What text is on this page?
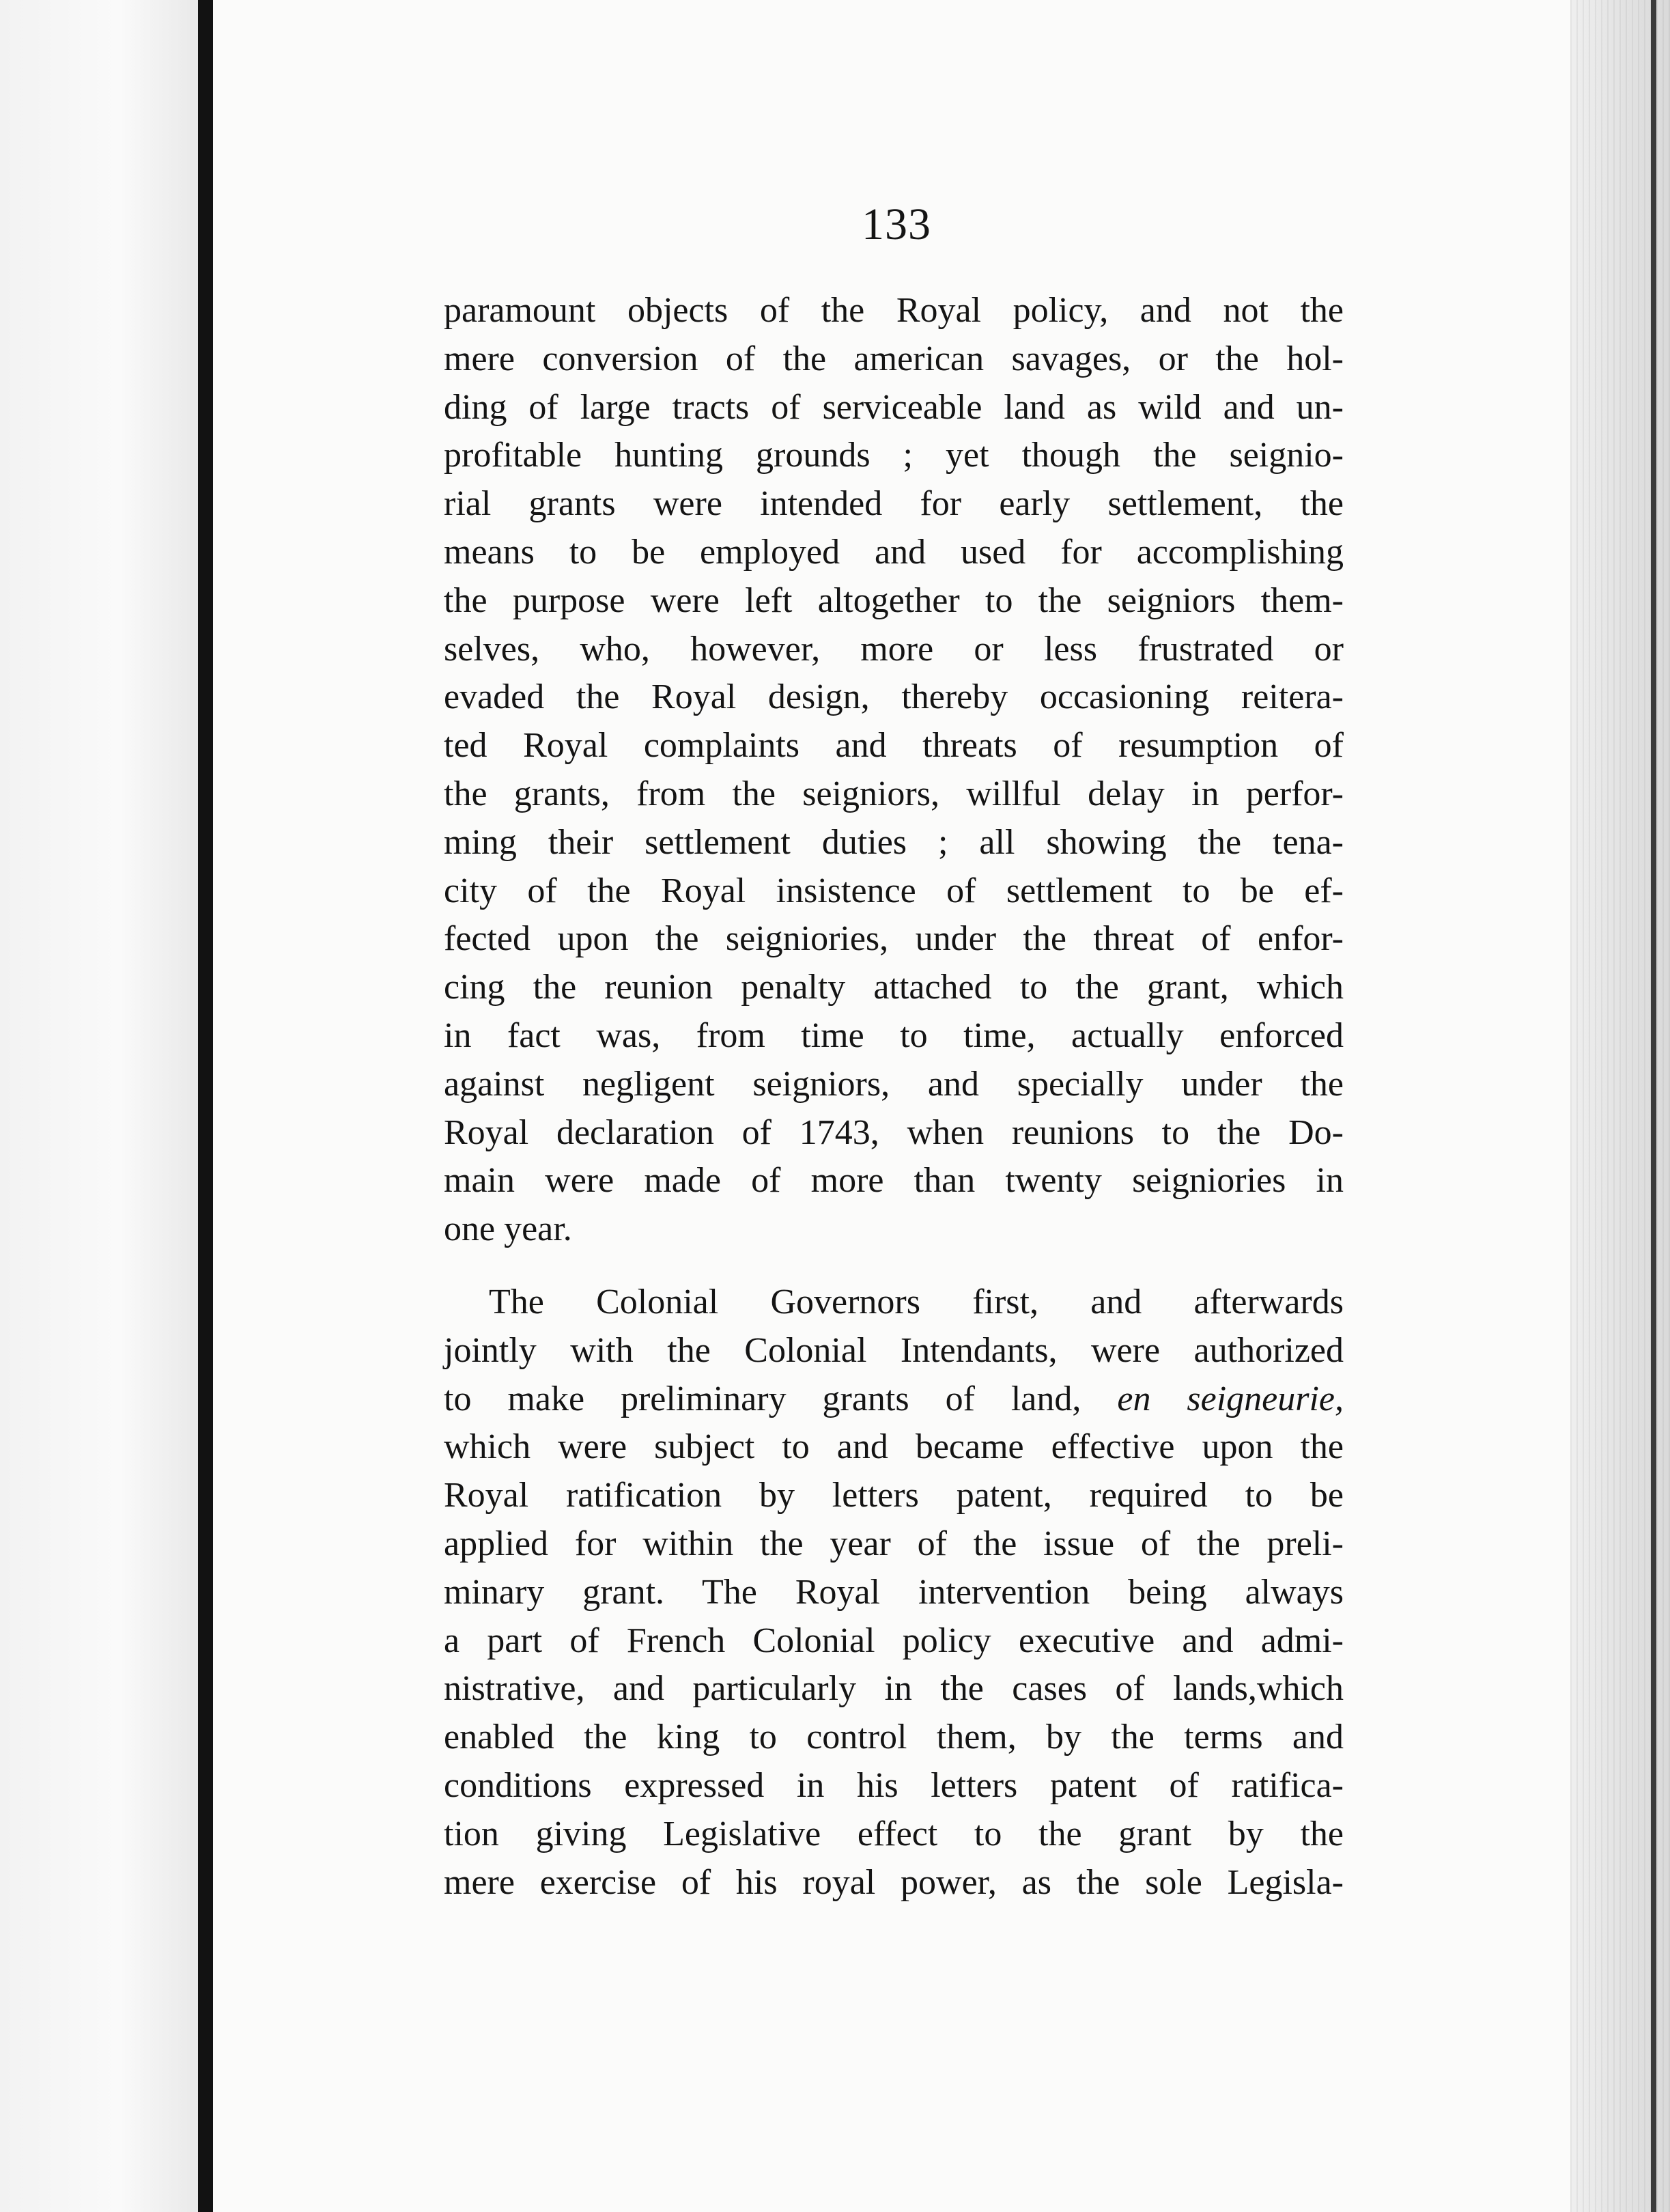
133
paramount objects of the Royal policy, and not the
mere conversion of the american savages, or the hol-
ding of large tracts of serviceable land as wild and un-
profitable hunting grounds ; yet though the seignio-
rial grants were intended for early settlement, the
means to be employed and used for accomplishing
the purpose were left altogether to the seigniors them-
selves, who, however, more or less frustrated or
evaded the Royal design, thereby occasioning reitera-
ted Royal complaints and threats of resumption of
the grants, from the seigniors, willful delay in perfor-
ming their settlement duties ; all showing the tena-
city of the Royal insistence of settlement to be ef-
fected upon the seigniories, under the threat of enfor-
cing the reunion penalty attached to the grant, which
in fact was, from time to time, actually enforced
against negligent seigniors, and specially under the
Royal declaration of 1743, when reunions to the Do-
main were made of more than twenty seigniories in
one year.
The Colonial Governors first, and afterwards
jointly with the Colonial Intendants, were authorized
to make preliminary grants of land, en seigneurie,
which were subject to and became effective upon the
Royal ratification by letters patent, required to be
applied for within the year of the issue of the preli-
minary grant. The Royal intervention being always
a part of French Colonial policy executive and admi-
nistrative, and particularly in the cases of lands,which
enabled the king to control them, by the terms and
conditions expressed in his letters patent of ratifica-
tion giving Legislative effect to the grant by the
mere exercise of his royal power, as the sole Legisla-
